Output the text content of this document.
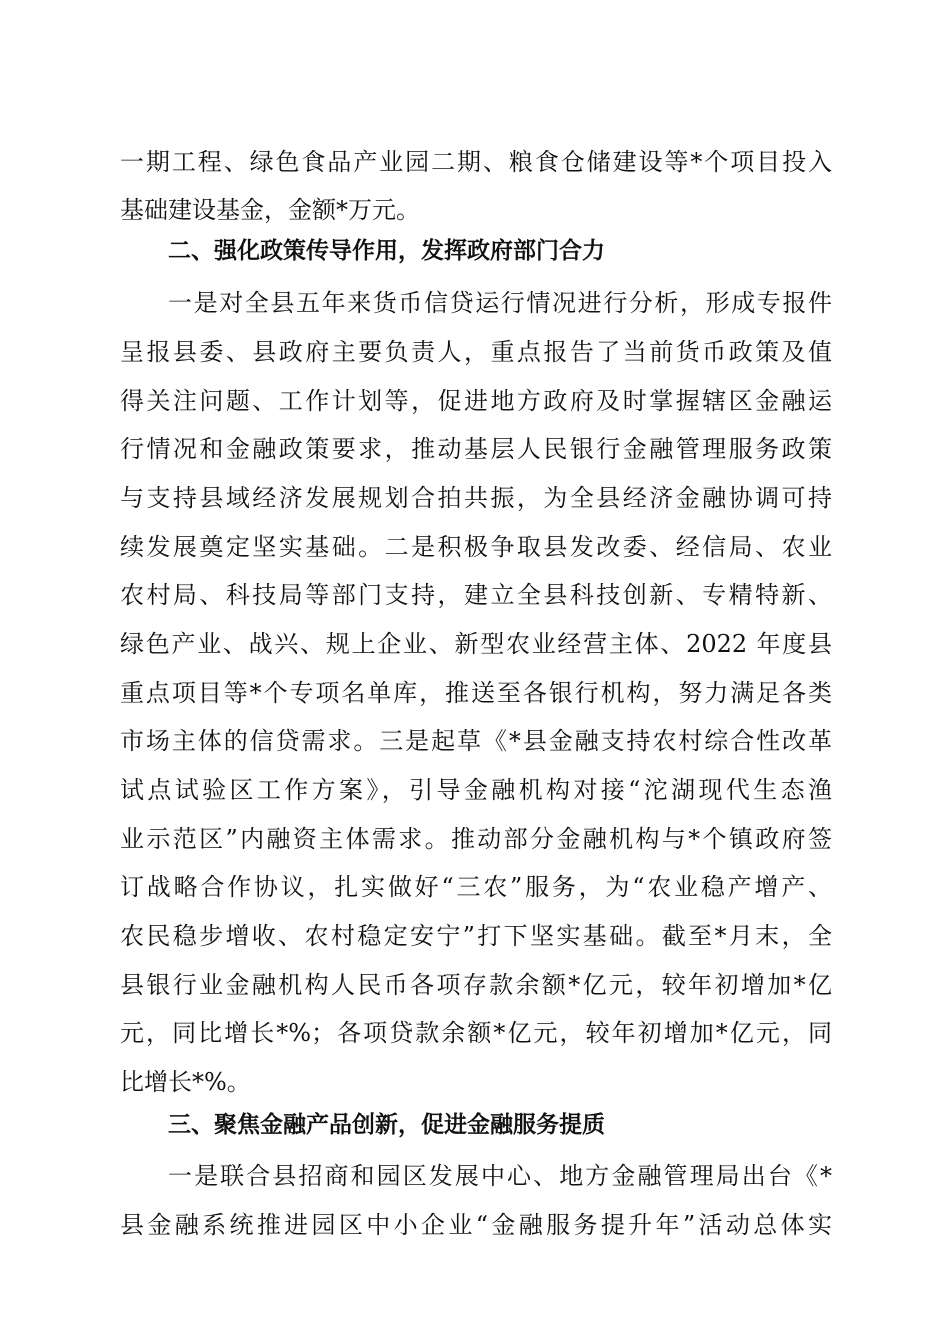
一期工程、绿色食品产业园二期、粮食仓储建设等*个项目投入
基础建设基金，金额*万元。
二、强化政策传导作用，发挥政府部门合力
一是对全县五年来货币信贷运行情况进行分析，形成专报件
呈报县委、县政府主要负责人，重点报告了当前货币政策及值
得关注问题、工作计划等，促进地方政府及时掌握辖区金融运
行情况和金融政策要求，推动基层人民银行金融管理服务政策
与支持县域经济发展规划合拍共振，为全县经济金融协调可持
续发展奠定坚实基础。二是积极争取县发改委、经信局、农业
农村局、科技局等部门支持，建立全县科技创新、专精特新、
绿色产业、战兴、规上企业、新型农业经营主体、2022 年度县
重点项目等*个专项名单库，推送至各银行机构，努力满足各类
市场主体的信贷需求。三是起草《*县金融支持农村综合性改革
试点试验区工作方案》，引导金融机构对接“沱湖现代生态渔
业示范区”内融资主体需求。推动部分金融机构与*个镇政府签
订战略合作协议，扎实做好“三农”服务，为“农业稳产增产、
农民稳步增收、农村稳定安宁”打下坚实基础。截至*月末，全
县银行业金融机构人民币各项存款余额*亿元，较年初增加*亿
元，同比增长*%；各项贷款余额*亿元，较年初增加*亿元，同
比增长*%。
三、聚焦金融产品创新，促进金融服务提质
一是联合县招商和园区发展中心、地方金融管理局出台《*
县金融系统推进园区中小企业“金融服务提升年”活动总体实
